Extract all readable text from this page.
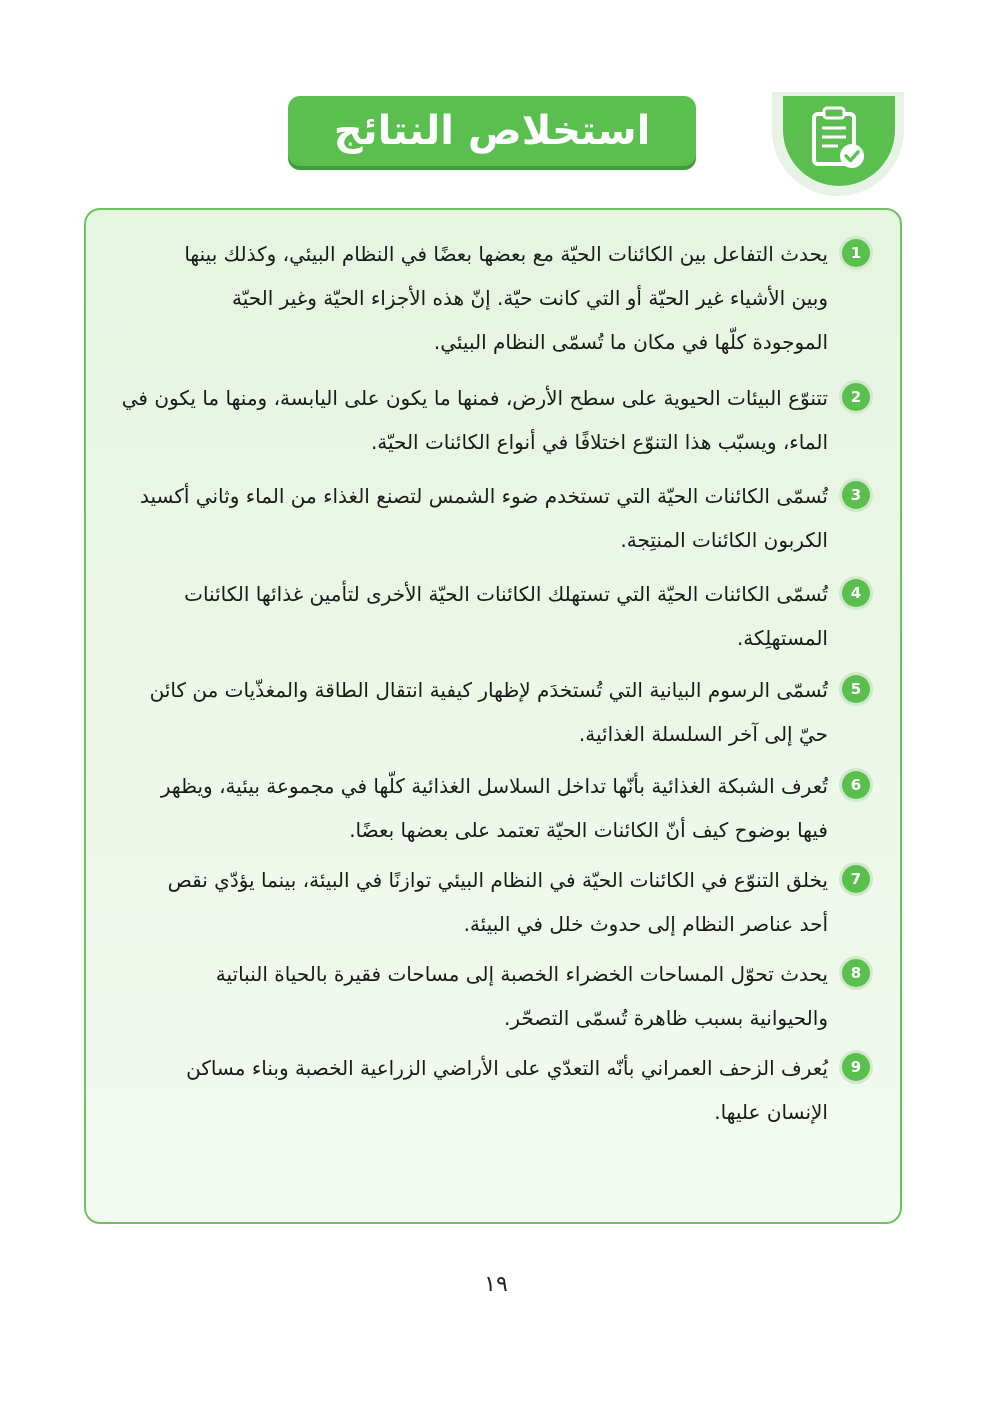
استخلاص النتائج
1
يحدث التفاعل بين الكائنات الحيّة مع بعضها بعضًا في النظام البيئي، وكذلك بينها وبين الأشياء غير الحيّة أو التي كانت حيّة. إنّ هذه الأجزاء الحيّة وغير الحيّة الموجودة كلّها في مكان ما تُسمّى النظام البيئي.
2
تتنوّع البيئات الحيوية على سطح الأرض، فمنها ما يكون على اليابسة، ومنها ما يكون في الماء، ويسبّب هذا التنوّع اختلافًا في أنواع الكائنات الحيّة.
3
تُسمّى الكائنات الحيّة التي تستخدم ضوء الشمس لتصنع الغذاء من الماء وثاني أكسيد الكربون الكائنات المنتِجة.
4
تُسمّى الكائنات الحيّة التي تستهلك الكائنات الحيّة الأخرى لتأمين غذائها الكائنات المستهلِكة.
5
تُسمّى الرسوم البيانية التي تُستخدَم لإظهار كيفية انتقال الطاقة والمغذّيات من كائن حيّ إلى آخر السلسلة الغذائية.
6
تُعرف الشبكة الغذائية بأنّها تداخل السلاسل الغذائية كلّها في مجموعة بيئية، ويظهر فيها بوضوح كيف أنّ الكائنات الحيّة تعتمد على بعضها بعضًا.
7
يخلق التنوّع في الكائنات الحيّة في النظام البيئي توازنًا في البيئة، بينما يؤدّي نقص أحد عناصر النظام إلى حدوث خلل في البيئة.
8
يحدث تحوّل المساحات الخضراء الخصبة إلى مساحات فقيرة بالحياة النباتية والحيوانية بسبب ظاهرة تُسمّى التصحّر.
9
يُعرف الزحف العمراني بأنّه التعدّي على الأراضي الزراعية الخصبة وبناء مساكن الإنسان عليها.
١٩
